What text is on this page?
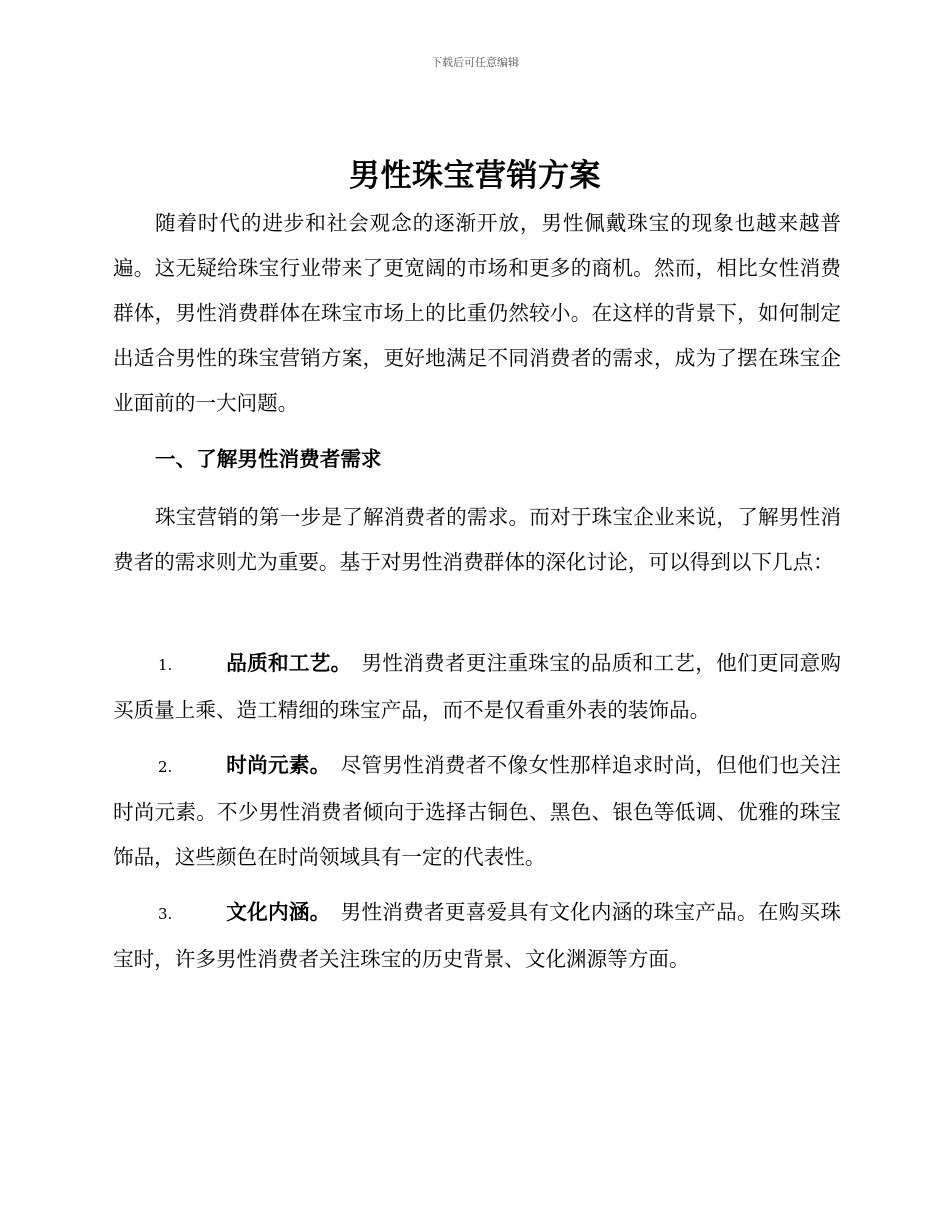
下载后可任意编辑
男性珠宝营销方案

随着时代的进步和社会观念的逐渐开放，男性佩戴珠宝的现象也越来越普遍。这无疑给珠宝行业带来了更宽阔的市场和更多的商机。然而，相比女性消费群体，男性消费群体在珠宝市场上的比重仍然较小。在这样的背景下，如何制定出适合男性的珠宝营销方案，更好地满足不同消费者的需求，成为了摆在珠宝企业面前的一大问题。

一、了解男性消费者需求

珠宝营销的第一步是了解消费者的需求。而对于珠宝企业来说，了解男性消费者的需求则尤为重要。基于对男性消费群体的深化讨论，可以得到以下几点：

1.	品质和工艺。 男性消费者更注重珠宝的品质和工艺，他们更同意购买质量上乘、造工精细的珠宝产品，而不是仅看重外表的装饰品。
2.	时尚元素。 尽管男性消费者不像女性那样追求时尚，但他们也关注时尚元素。不少男性消费者倾向于选择古铜色、黑色、银色等低调、优雅的珠宝饰品，这些颜色在时尚领域具有一定的代表性。
3.	文化内涵。 男性消费者更喜爱具有文化内涵的珠宝产品。在购买珠宝时，许多男性消费者关注珠宝的历史背景、文化渊源等方面。
